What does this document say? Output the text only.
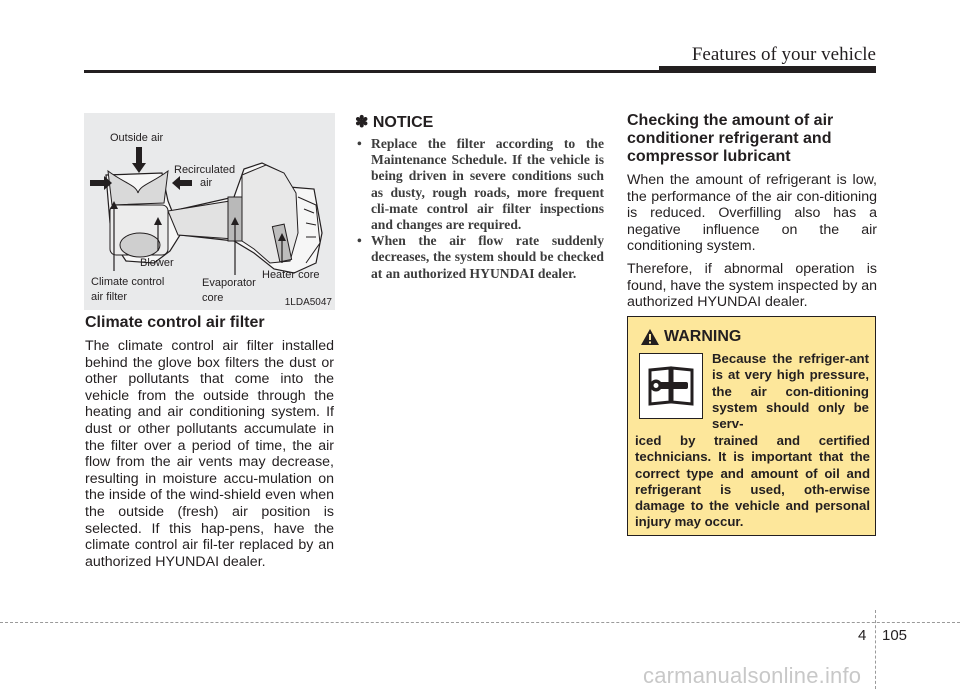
Features of your vehicle
Outside air
Recirculated
air
Blower
Climate control
air filter
Evaporator
core
Heater core
1LDA5047
Climate control air filter
The climate control air filter installed behind the glove box filters the dust or other pollutants that come into the vehicle from the outside through the heating and air conditioning system. If dust or other pollutants accumulate in the filter over a period of time, the air flow from the air vents may decrease, resulting in moisture accu-mulation on the inside of the wind-shield even when the outside (fresh) air position is selected. If this hap-pens, have the climate control air fil-ter replaced by an authorized HYUNDAI dealer.
✽ NOTICE
• Replace the filter according to the Maintenance Schedule. If the vehicle is being driven in severe conditions such as dusty, rough roads, more frequent cli-mate control air filter inspections and changes are required.
• When the air flow rate suddenly decreases, the system should be checked at an authorized HYUNDAI dealer.
Checking the amount of air conditioner refrigerant and compressor lubricant

When the amount of refrigerant is low, the performance of the air con-ditioning is reduced. Overfilling also has a negative influence on the air conditioning system.

Therefore, if abnormal operation is found, have the system inspected by an authorized HYUNDAI dealer.

WARNING
Because the refriger-ant is at very high pressure, the air con-ditioning system should only be serv-
iced by trained and certified technicians. It is important that the correct type and amount of oil and refrigerant is used, oth-erwise damage to the vehicle and personal injury may occur.
4 105
carmanualsonline.info
